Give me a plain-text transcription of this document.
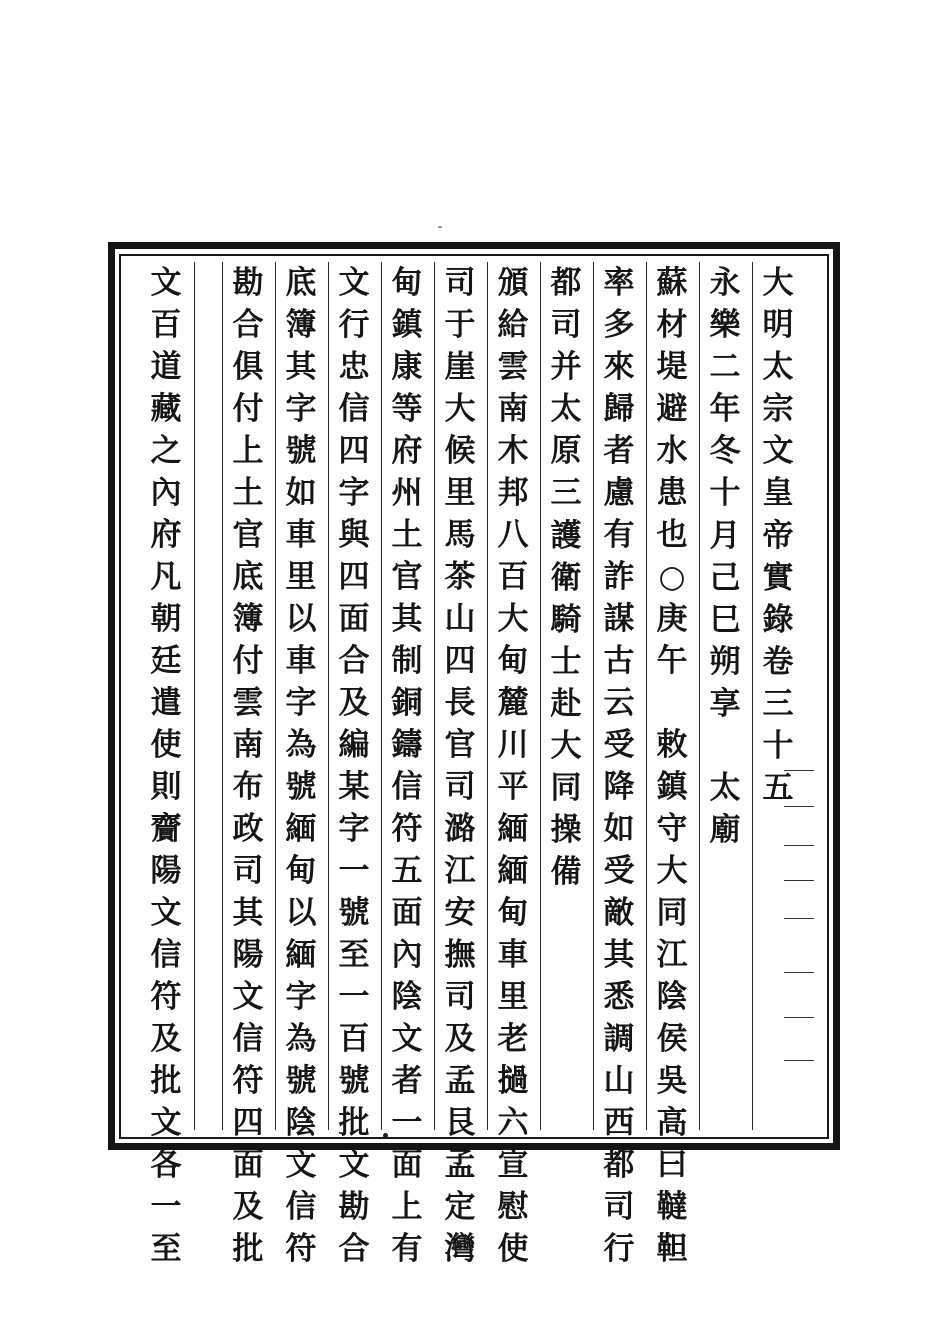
大
明
太
宗
文
皇
帝
實
錄
卷
三
十
五
永
樂
二
年
冬
十
月
己
巳
朔
享

太
廟
蘇
材
堤
避
水
患
也
○
庚
午

敕
鎮
守
大
同
江
陰
侯
吳
高
曰
韃
靼
率
多
來
歸
者
慮
有
詐
謀
古
云
受
降
如
受
敵
其
悉
調
山
西
都
司
行
都
司
并
太
原
三
護
衛
騎
士
赴
大
同
操
備
頒
給
雲
南
木
邦
八
百
大
甸
麓
川
平
緬
緬
甸
車
里
老
撾
六
宣
慰
使
司
于
崖
大
候
里
馬
茶
山
四
長
官
司
潞
江
安
撫
司
及
孟
艮
孟
定
灣
甸
鎮
康
等
府
州
土
官
其
制
銅
鑄
信
符
五
面
內
陰
文
者
一
面
上
有
文
行
忠
信
四
字
與
四
面
合
及
編
某
字
一
號
至
一
百
號
批
文
勘
合
底
簿
其
字
號
如
車
里
以
車
字
為
號
緬
甸
以
緬
字
為
號
陰
文
信
符
勘
合
俱
付
上
土
官
底
簿
付
雲
南
布
政
司
其
陽
文
信
符
四
面
及
批
文
百
道
藏
之
內
府
凡
朝
廷
遣
使
則
齎
陽
文
信
符
及
批
文
各
一
至
